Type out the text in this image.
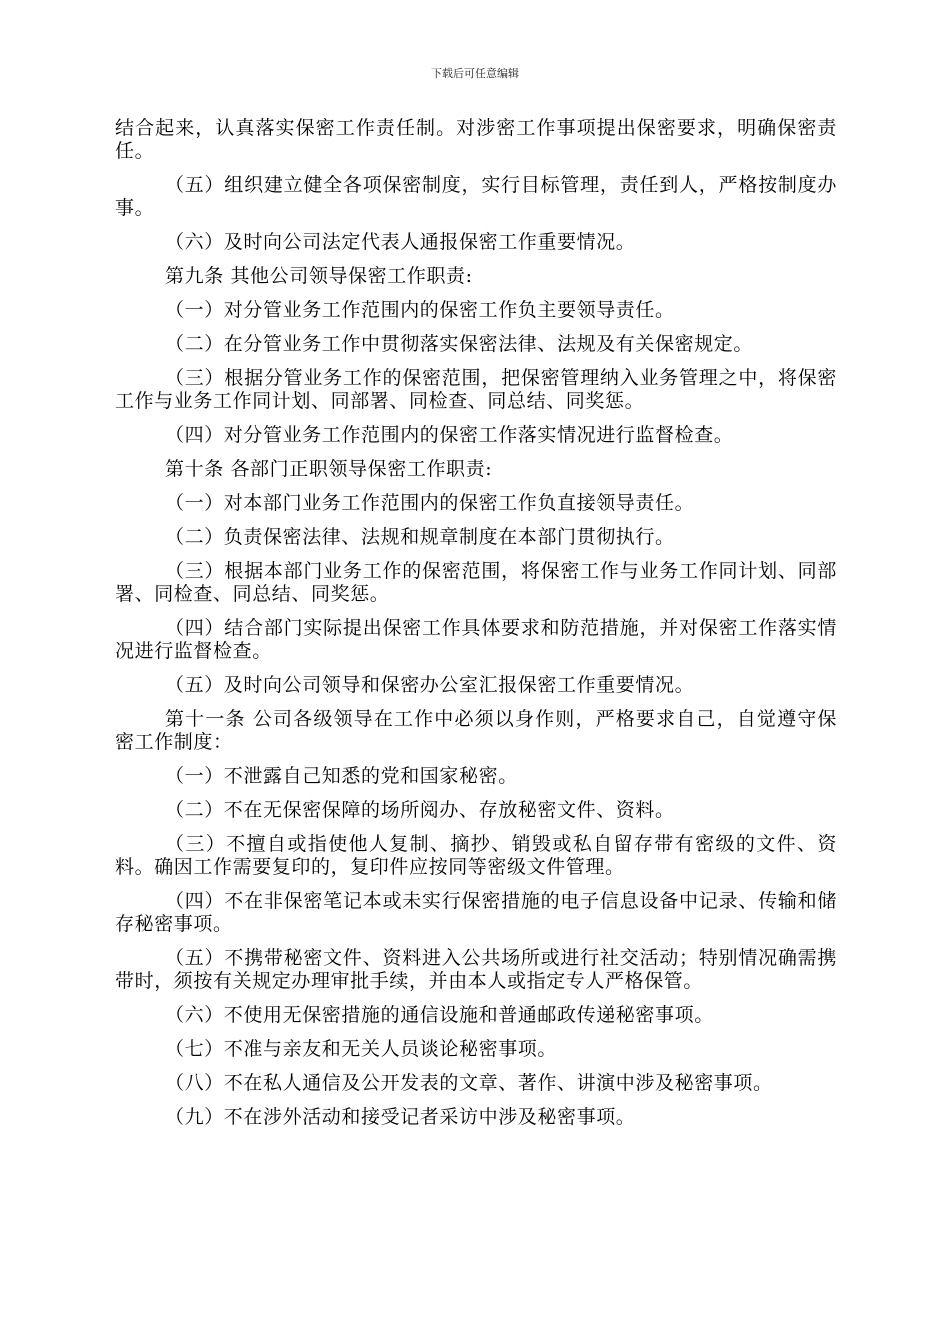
下载后可任意编辑

结合起来，认真落实保密工作责任制。对涉密工作事项提出保密要求，明确保密责任。

（五）组织建立健全各项保密制度，实行目标管理，责任到人，严格按制度办事。

（六）及时向公司法定代表人通报保密工作重要情况。

第九条 其他公司领导保密工作职责:

（一）对分管业务工作范围内的保密工作负主要领导责任。

（二）在分管业务工作中贯彻落实保密法律、法规及有关保密规定。

（三）根据分管业务工作的保密范围，把保密管理纳入业务管理之中，将保密工作与业务工作同计划、同部署、同检查、同总结、同奖惩。

（四）对分管业务工作范围内的保密工作落实情况进行监督检查。

第十条 各部门正职领导保密工作职责:

（一）对本部门业务工作范围内的保密工作负直接领导责任。

（二）负责保密法律、法规和规章制度在本部门贯彻执行。

（三）根据本部门业务工作的保密范围，将保密工作与业务工作同计划、同部署、同检查、同总结、同奖惩。

（四）结合部门实际提出保密工作具体要求和防范措施，并对保密工作落实情况进行监督检查。

（五）及时向公司领导和保密办公室汇报保密工作重要情况。

第十一条 公司各级领导在工作中必须以身作则，严格要求自己，自觉遵守保密工作制度：

（一）不泄露自己知悉的党和国家秘密。

（二）不在无保密保障的场所阅办、存放秘密文件、资料。

（三）不擅自或指使他人复制、摘抄、销毁或私自留存带有密级的文件、资料。确因工作需要复印的，复印件应按同等密级文件管理。

（四）不在非保密笔记本或未实行保密措施的电子信息设备中记录、传输和储存秘密事项。

（五）不携带秘密文件、资料进入公共场所或进行社交活动；特别情况确需携带时，须按有关规定办理审批手续，并由本人或指定专人严格保管。

（六）不使用无保密措施的通信设施和普通邮政传递秘密事项。

（七）不准与亲友和无关人员谈论秘密事项。

（八）不在私人通信及公开发表的文章、著作、讲演中涉及秘密事项。

（九）不在涉外活动和接受记者采访中涉及秘密事项。
